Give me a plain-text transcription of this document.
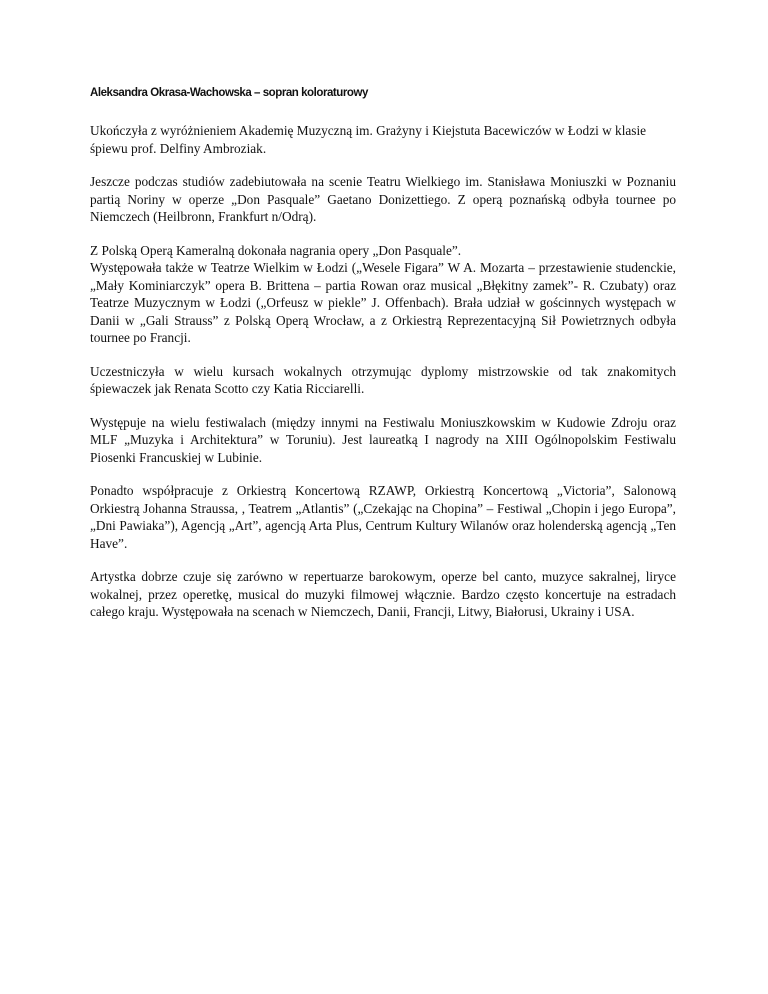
Aleksandra Okrasa-Wachowska – sopran koloraturowy

Ukończyła z wyróżnieniem Akademię Muzyczną im. Grażyny i Kiejstuta Bacewiczów w Łodzi w klasie śpiewu prof. Delfiny Ambroziak.

Jeszcze podczas studiów zadebiutowała na scenie Teatru Wielkiego im. Stanisława Moniuszki w Poznaniu partią Noriny w operze „Don Pasquale” Gaetano Donizettiego. Z operą poznańską odbyła tournee po Niemczech (Heilbronn, Frankfurt n/Odrą).

Z Polską Operą Kameralną dokonała nagrania opery „Don Pasquale”.

Występowała także w Teatrze Wielkim w Łodzi („Wesele Figara” W A. Mozarta – przestawienie studenckie, „Mały Kominiarczyk” opera B. Brittena – partia Rowan oraz musical „Błękitny zamek”- R. Czubaty) oraz Teatrze Muzycznym w Łodzi („Orfeusz w piekle” J. Offenbach). Brała udział w gościnnych występach w Danii w „Gali Strauss” z Polską Operą Wrocław, a z Orkiestrą Reprezentacyjną Sił Powietrznych odbyła tournee po Francji.

Uczestniczyła w wielu kursach wokalnych otrzymując dyplomy mistrzowskie od tak znakomitych śpiewaczek jak Renata Scotto czy Katia Ricciarelli.

Występuje na wielu festiwalach (między innymi na Festiwalu Moniuszkowskim w Kudowie Zdroju oraz MLF „Muzyka i Architektura” w Toruniu). Jest laureatką I nagrody na XIII Ogólnopolskim Festiwalu Piosenki Francuskiej w Lubinie.

Ponadto współpracuje z Orkiestrą Koncertową RZAWP, Orkiestrą Koncertową „Victoria”, Salonową Orkiestrą Johanna Straussa, , Teatrem „Atlantis” („Czekając na Chopina” – Festiwal „Chopin i jego Europa”, „Dni Pawiaka”), Agencją „Art”, agencją Arta Plus, Centrum Kultury Wilanów oraz holenderską agencją „Ten Have”.

Artystka dobrze czuje się zarówno w repertuarze barokowym, operze bel canto, muzyce sakralnej, liryce wokalnej, przez operetkę, musical do muzyki filmowej włącznie. Bardzo często koncertuje na estradach całego kraju. Występowała na scenach w Niemczech, Danii, Francji, Litwy, Białorusi, Ukrainy i USA.
